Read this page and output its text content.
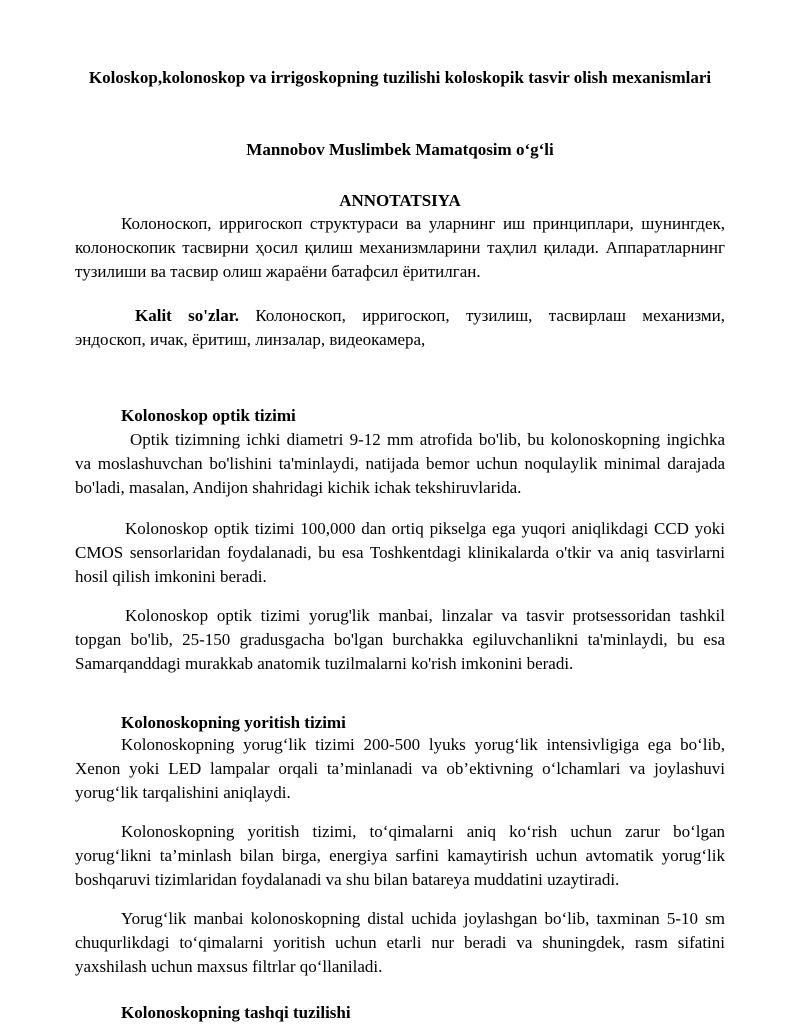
Koloskop,kolonoskop va irrigoskopning tuzilishi koloskopik tasvir olish mexanismlari
Mannobov Muslimbek Mamatqosim o‘g‘li
ANNOTATSIYA
Колоноскоп, ирригоскоп структураси ва уларнинг иш принциплари, шунингдек, колоноскопик тасвирни ҳосил қилиш механизмларини таҳлил қилади. Аппаратларнинг тузилиши ва тасвир олиш жараёни батафсил ёритилган.
Kalit so'zlar. Колоноскоп, ирригоскоп, тузилиш, тасвирлаш механизми, эндоскоп, ичак, ёритиш, линзалар, видеокамера,
Kolonoskop optik tizimi
Optik tizimning ichki diametri 9-12 mm atrofida bo'lib, bu kolonoskopning ingichka va moslashuvchan bo'lishini ta'minlaydi, natijada bemor uchun noqulaylik minimal darajada bo'ladi, masalan, Andijon shahridagi kichik ichak tekshiruvlarida.
Kolonoskop optik tizimi 100,000 dan ortiq pikselga ega yuqori aniqlikdagi CCD yoki CMOS sensorlaridan foydalanadi, bu esa Toshkentdagi klinikalarda o'tkir va aniq tasvirlarni hosil qilish imkonini beradi.
Kolonoskop optik tizimi yorug'lik manbai, linzalar va tasvir protsessoridan tashkil topgan bo'lib, 25-150 gradusgacha bo'lgan burchakka egiluvchanlikni ta'minlaydi, bu esa Samarqanddagi murakkab anatomik tuzilmalarni ko'rish imkonini beradi.
Kolonoskopning yoritish tizimi
Kolonoskopning yorug‘lik tizimi 200-500 lyuks yorug‘lik intensivligiga ega bo‘lib, Xenon yoki LED lampalar orqali ta’minlanadi va ob’ektivning o‘lchamlari va joylashuvi yorug‘lik tarqalishini aniqlaydi.
Kolonoskopning yoritish tizimi, to‘qimalarni aniq ko‘rish uchun zarur bo‘lgan yorug‘likni ta’minlash bilan birga, energiya sarfini kamaytirish uchun avtomatik yorug‘lik boshqaruvi tizimlaridan foydalanadi va shu bilan batareya muddatini uzaytiradi.
Yorug‘lik manbai kolonoskopning distal uchida joylashgan bo‘lib, taxminan 5-10 sm chuqurlikdagi to‘qimalarni yoritish uchun etarli nur beradi va shuningdek, rasm sifatini yaxshilash uchun maxsus filtrlar qo‘llaniladi.
Kolonoskopning tashqi tuzilishi
